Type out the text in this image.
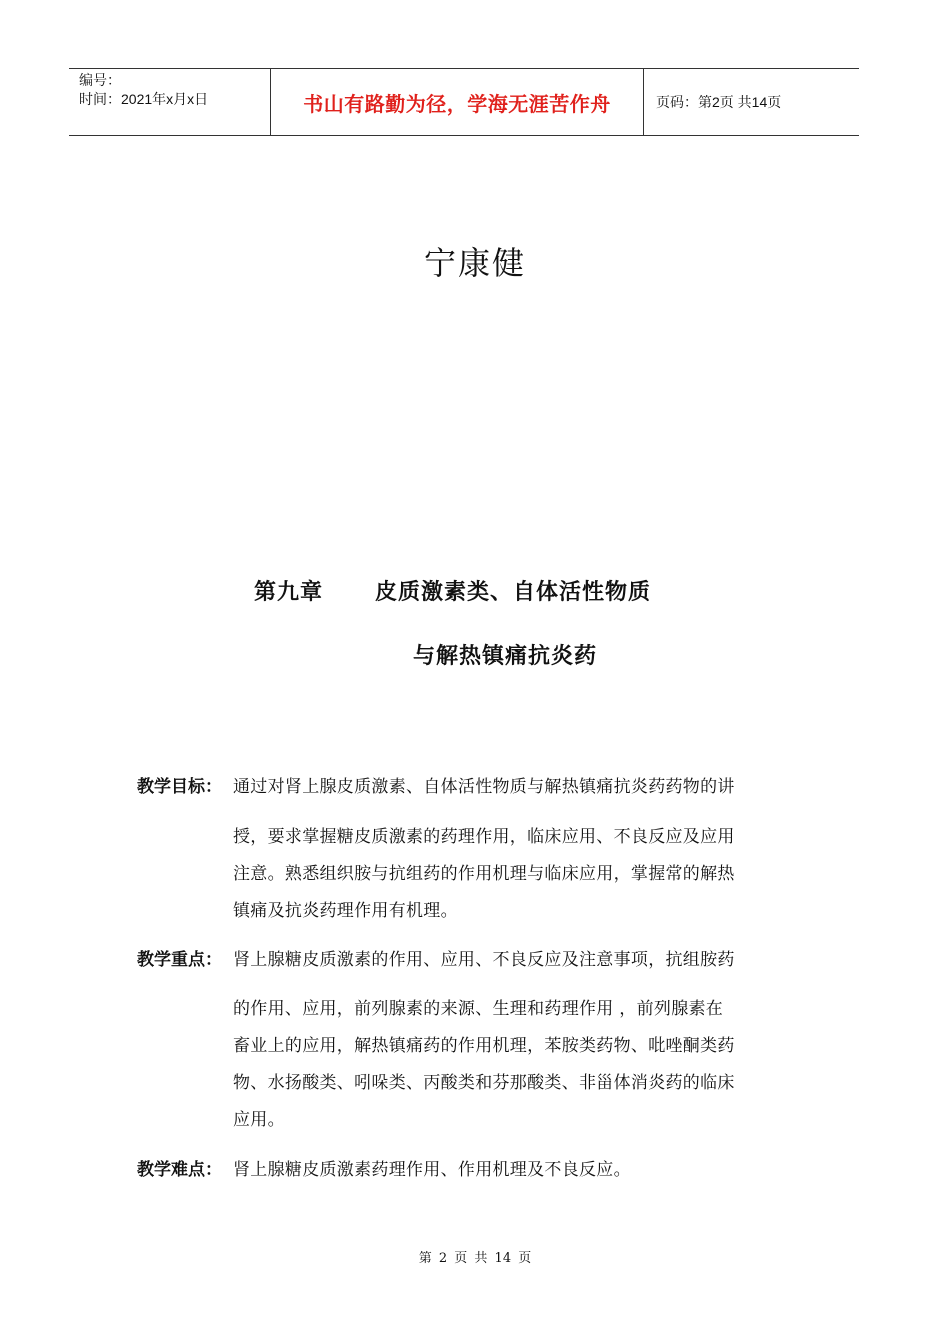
编号：
时间：2021年x月x日	书山有路勤为径，学海无涯苦作舟	页码：第2页 共14页
宁康健
第九章      皮质激素类、自体活性物质
与解热镇痛抗炎药
教学目标： 通过对肾上腺皮质激素、自体活性物质与解热镇痛抗炎药药物的讲
授，要求掌握糖皮质激素的药理作用，临床应用、不良反应及应用
注意。熟悉组织胺与抗组药的作用机理与临床应用，掌握常的解热
镇痛及抗炎药理作用有机理。
教学重点： 肾上腺糖皮质激素的作用、应用、不良反应及注意事项，抗组胺药
的作用、应用，前列腺素的来源、生理和药理作用 ，前列腺素在
畜业上的应用，解热镇痛药的作用机理，苯胺类药物、吡唑酮类药
物、水扬酸类、吲哚类、丙酸类和芬那酸类、非甾体消炎药的临床
应用。
教学难点： 肾上腺糖皮质激素药理作用、作用机理及不良反应。
第 2 页 共 14 页
